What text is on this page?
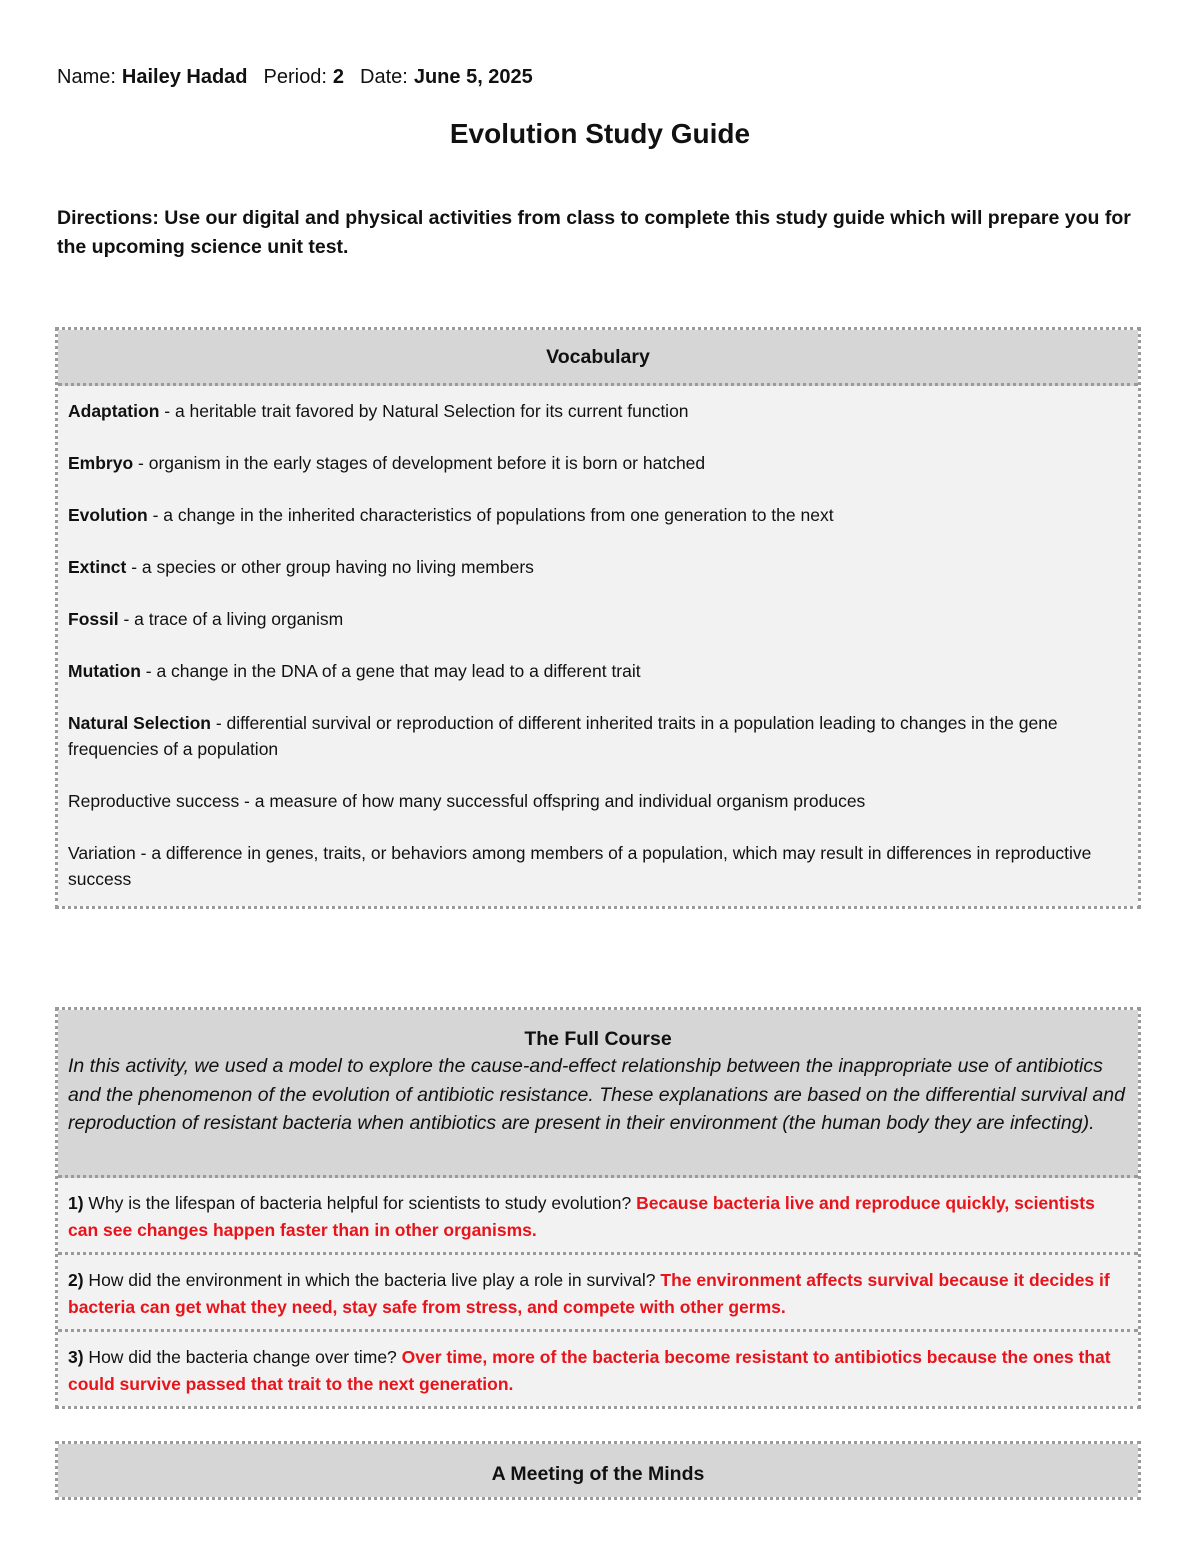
Name: Hailey Hadad Period: 2 Date: June 5, 2025
Evolution Study Guide
Directions: Use our digital and physical activities from class to complete this study guide which will prepare you for the upcoming science unit test.
Vocabulary
Adaptation - a heritable trait favored by Natural Selection for its current function
Embryo - organism in the early stages of development before it is born or hatched
Evolution - a change in the inherited characteristics of populations from one generation to the next
Extinct - a species or other group having no living members
Fossil - a trace of a living organism
Mutation - a change in the DNA of a gene that may lead to a different trait
Natural Selection - differential survival or reproduction of different inherited traits in a population leading to changes in the gene frequencies of a population
Reproductive success - a measure of how many successful offspring and individual organism produces
Variation - a difference in genes, traits, or behaviors among members of a population, which may result in differences in reproductive success
The Full Course
In this activity, we used a model to explore the cause-and-effect relationship between the inappropriate use of antibiotics and the phenomenon of the evolution of antibiotic resistance. These explanations are based on the differential survival and reproduction of resistant bacteria when antibiotics are present in their environment (the human body they are infecting).
1) Why is the lifespan of bacteria helpful for scientists to study evolution? Because bacteria live and reproduce quickly, scientists can see changes happen faster than in other organisms.
2) How did the environment in which the bacteria live play a role in survival? The environment affects survival because it decides if bacteria can get what they need, stay safe from stress, and compete with other germs.
3) How did the bacteria change over time? Over time, more of the bacteria become resistant to antibiotics because the ones that could survive passed that trait to the next generation.
A Meeting of the Minds
